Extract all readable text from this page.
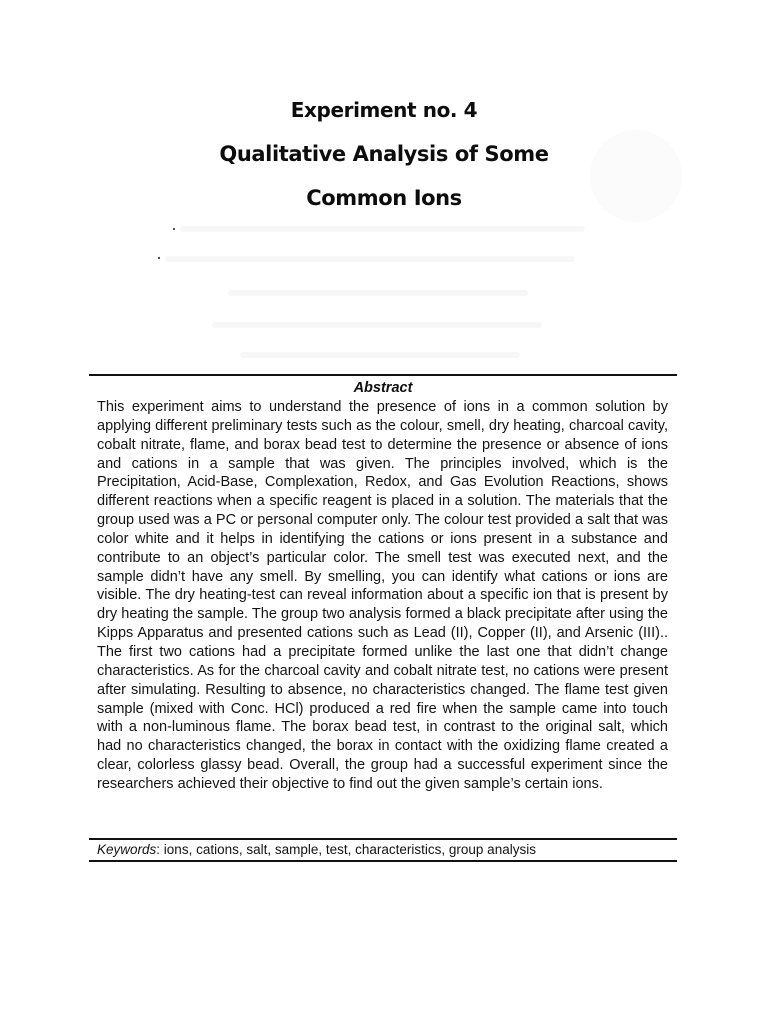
Experiment no. 4
Qualitative Analysis of Some
Common Ions
Abstract
This experiment aims to understand the presence of ions in a common solution by applying different preliminary tests such as the colour, smell, dry heating, charcoal cavity, cobalt nitrate, flame, and borax bead test to determine the presence or absence of ions and cations in a sample that was given. The principles involved, which is the Precipitation, Acid-Base, Complexation, Redox, and Gas Evolution Reactions, shows different reactions when a specific reagent is placed in a solution. The materials that the group used was a PC or personal computer only. The colour test provided a salt that was color white and it helps in identifying the cations or ions present in a substance and contribute to an object’s particular color. The smell test was executed next, and the sample didn’t have any smell. By smelling, you can identify what cations or ions are visible. The dry heating-test can reveal information about a specific ion that is present by dry heating the sample. The group two analysis formed a black precipitate after using the Kipps Apparatus and presented cations such as Lead (II), Copper (II), and Arsenic (III).. The first two cations had a precipitate formed unlike the last one that didn’t change characteristics. As for the charcoal cavity and cobalt nitrate test, no cations were present after simulating. Resulting to absence, no characteristics changed. The flame test given sample (mixed with Conc. HCl) produced a red fire when the sample came into touch with a non-luminous flame. The borax bead test, in contrast to the original salt, which had no characteristics changed, the borax in contact with the oxidizing flame created a clear, colorless glassy bead. Overall, the group had a successful experiment since the researchers achieved their objective to find out the given sample’s certain ions.
Keywords: ions, cations, salt, sample, test, characteristics, group analysis
